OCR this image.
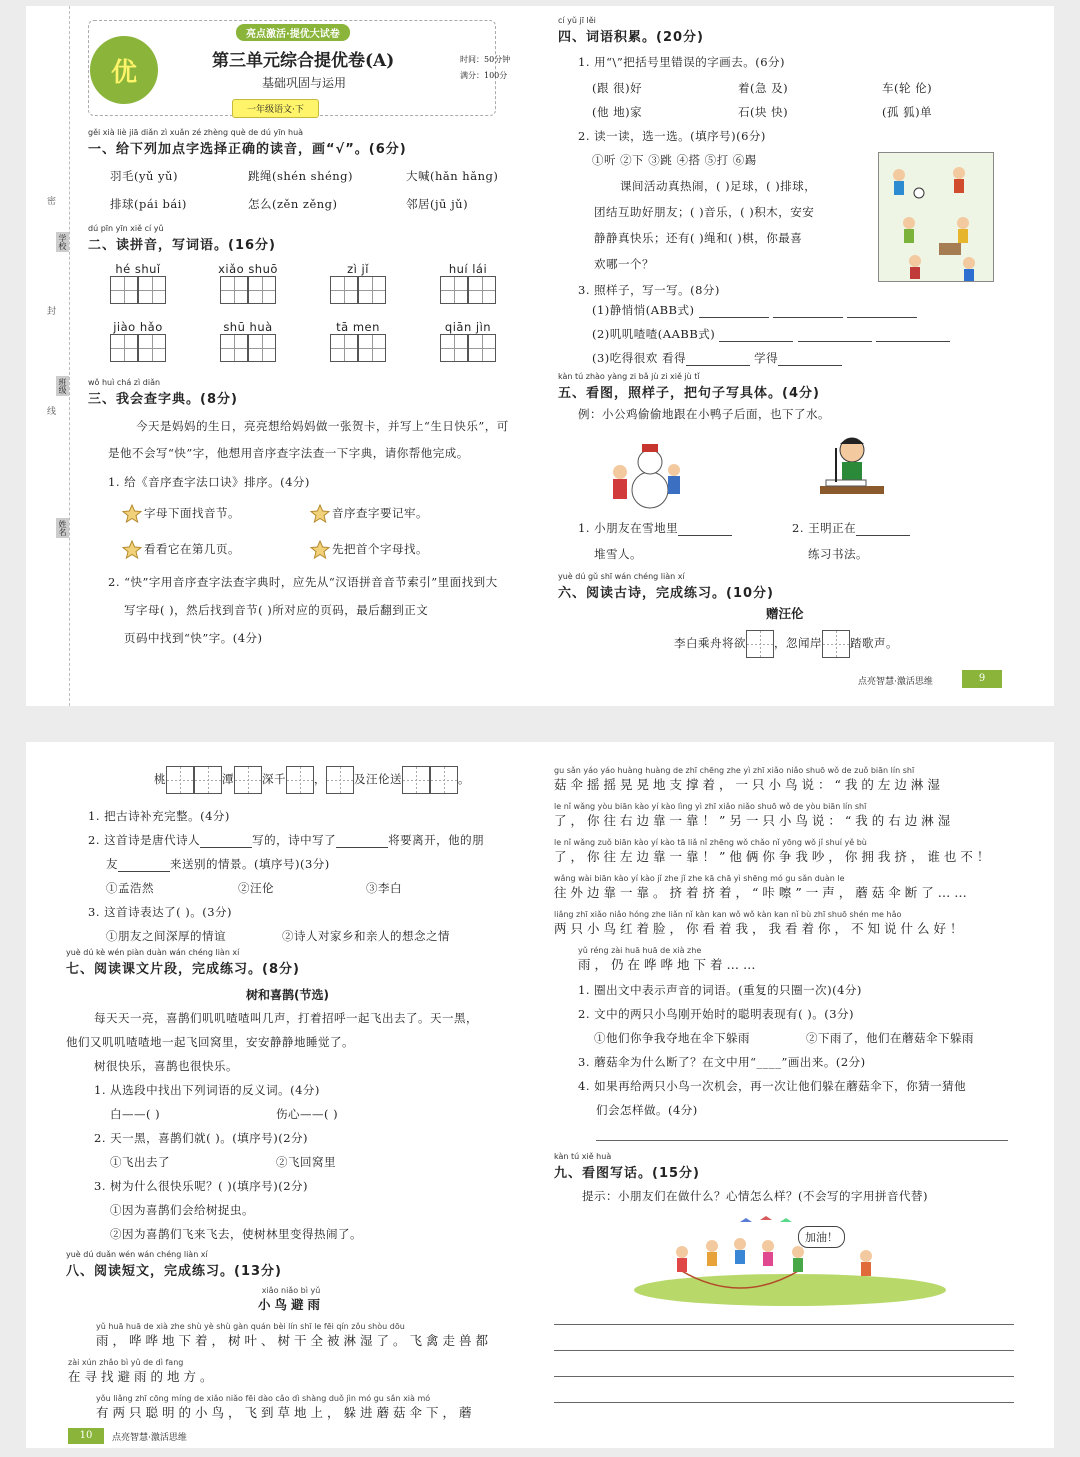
密
封
线
学校
班级
姓名
优
亮点激活·提优大试卷
第三单元综合提优卷(A)
基础巩固与运用
一年级语文·下
时间：50分钟
满分：100分
gěi xià liè jiā diǎn zì xuǎn zé zhèng què de dú yīn huà
一、给下列加点字选择正确的读音，画“√”。(6分)
羽毛(yǔ yǔ)	跳绳(shén shéng)	大喊(hǎn hǎng)
排球(pái bái)	怎么(zěn zěng)	邻居(jū jǔ)
dú pīn yīn xiě cí yǔ
二、读拼音，写词语。(16分)
hé shuǐ	xiǎo shuō	zì jǐ	huí lái
jiào hǎo	shū huà	tā men	qiān jìn
wǒ huì chá zì diǎn
三、我会查字典。(8分)
今天是妈妈的生日，亮亮想给妈妈做一张贺卡，并写上“生日快乐”，可
是他不会写“快”字，他想用音序查字法查一下字典，请你帮他完成。
1. 给《音序查字法口诀》排序。(4分)
字母下面找音节。	音序查字要记牢。
看看它在第几页。	先把首个字母找。
2. “快”字用音序查字法查字典时，应先从“汉语拼音音节索引”里面找到大
写字母( )，然后找到音节( )所对应的页码，最后翻到正文
页码中找到“快”字。(4分)
cí yǔ jī lěi
四、词语积累。(20分)
1. 用“\”把括号里错误的字画去。(6分)
(跟 很)好	着(急 及)	车(轮 伦)
(他 地)家	石(块 快)	(孤 狐)单
2. 读一读，选一选。(填序号)(6分)
①听 ②下 ③跳 ④搭 ⑤打 ⑥踢
课间活动真热闹，( )足球，( )排球，
团结互助好朋友；( )音乐，( )积木，安安
静静真快乐；还有( )绳和( )棋，你最喜
欢哪一个？
3. 照样子，写一写。(8分)
(1)静悄悄(ABB式)
(2)叽叽喳喳(AABB式)
(3)吃得很欢 看得	学得
kàn tú zhào yàng zi bǎ jù zi xiě jù tǐ
五、看图，照样子，把句子写具体。(4分)
例：小公鸡偷偷地跟在小鸭子后面，也下了水。
1. 小朋友在雪地里
堆雪人。
2. 王明正在
练习书法。
yuè dú gǔ shī wán chéng liàn xí
六、阅读古诗，完成练习。(10分)
赠汪伦
李白乘舟将欲 ，忽闻岸 踏歌声。
点亮智慧·激活思维	9
桃	潭 深千 ， 及汪伦送	。
1. 把古诗补充完整。(4分)
2. 这首诗是唐代诗人	写的，诗中写了	将要离开，他的朋
友	来送别的情景。(填序号)(3分)
①孟浩然	②汪伦	③李白
3. 这首诗表达了( )。(3分)
①朋友之间深厚的情谊	②诗人对家乡和亲人的想念之情
yuè dú kè wén piàn duàn wán chéng liàn xí
七、阅读课文片段，完成练习。(8分)
树和喜鹊(节选)
每天天一亮，喜鹊们叽叽喳喳叫几声，打着招呼一起飞出去了。天一黑，
他们又叽叽喳喳地一起飞回窝里，安安静静地睡觉了。
树很快乐，喜鹊也很快乐。
1. 从选段中找出下列词语的反义词。(4分)
白——( )	伤心——( )
2. 天一黑，喜鹊们就( )。(填序号)(2分)
①飞出去了	②飞回窝里
3. 树为什么很快乐呢？( )(填序号)(2分)
①因为喜鹊们会给树捉虫。
②因为喜鹊们飞来飞去，使树林里变得热闹了。
yuè dú duǎn wén wán chéng liàn xí
八、阅读短文，完成练习。(13分)
xiǎo niǎo bì yǔ
小鸟避雨
yǔ huā huā de xià zhe shù yè shù gàn quán bèi lín shī le fēi qín zǒu shòu dōu
雨，哗哗地下着，树叶、树干全被淋湿了。飞禽走兽都
zài xún zhǎo bì yǔ de dì fang
在寻找避雨的地方。
yǒu liǎng zhī cōng míng de xiǎo niǎo fēi dào cǎo dì shàng duǒ jìn mó gu sǎn xià mó
有两只聪明的小鸟，飞到草地上，躲进蘑菇伞下，蘑
gu sǎn yáo yáo huàng huàng de zhī chēng zhe yì zhī xiǎo niǎo shuō wǒ de zuǒ biān lín shī
菇伞摇摇晃晃地支撑着，一只小鸟说：“我的左边淋湿
le nǐ wǎng yòu biān kào yí kào lìng yì zhī xiǎo niǎo shuō wǒ de yòu biān lín shī
了，你往右边靠一靠！”另一只小鸟说：“我的右边淋湿
le nǐ wǎng zuǒ biān kào yí kào tā liǎ nǐ zhēng wǒ chǎo nǐ yōng wǒ jǐ shuí yě bù
了，你往左边靠一靠！”他俩你争我吵，你拥我挤，谁也不！
wǎng wài biān kào yí kào jǐ zhe jǐ zhe kā chā yì shēng mó gu sǎn duàn le
往外边靠一靠。挤着挤着，“咔嚓”一声，蘑菇伞断了……
liǎng zhī xiǎo niǎo hóng zhe liǎn nǐ kàn kan wǒ wǒ kàn kan nǐ bù zhī shuō shén me hǎo
两只小鸟红着脸，你看着我，我看着你，不知说什么好！
yǔ réng zài huā huā de xià zhe
雨，仍在哗哗地下着……
1. 圈出文中表示声音的词语。(重复的只圈一次)(4分)
2. 文中的两只小鸟刚开始时的聪明表现有( )。(3分)
①他们你争我夺地在伞下躲雨	②下雨了，他们在蘑菇伞下躲雨
3. 蘑菇伞为什么断了？在文中用“____”画出来。(2分)
4. 如果再给两只小鸟一次机会，再一次让他们躲在蘑菇伞下，你猜一猜他
们会怎样做。(4分)
kàn tú xiě huà
九、看图写话。(15分)
提示：小朋友们在做什么？心情怎么样？(不会写的字用拼音代替)
加油！
10	点亮智慧·激活思维
